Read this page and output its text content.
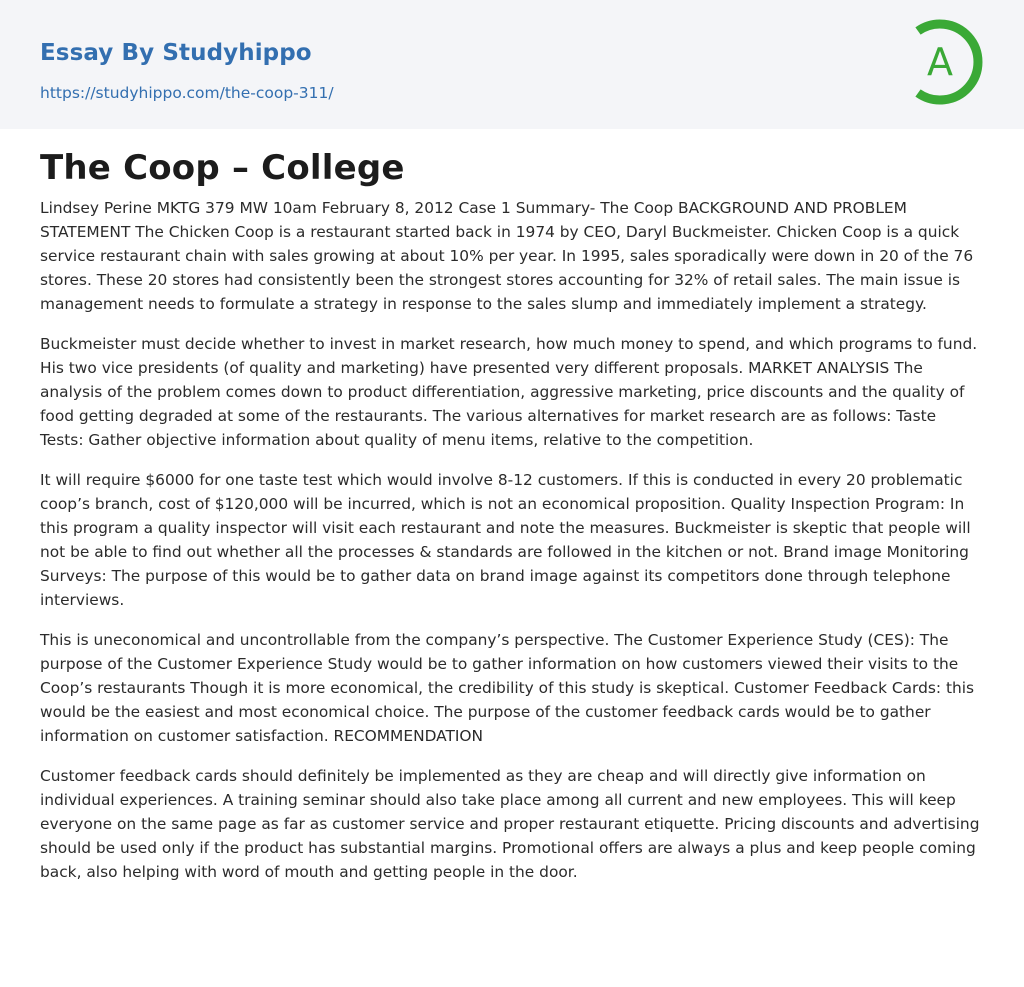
Essay By Studyhippo
https://studyhippo.com/the-coop-311/
A
The Coop – College

Lindsey Perine MKTG 379 MW 10am February 8, 2012 Case 1 Summary- The Coop BACKGROUND AND PROBLEM STATEMENT The Chicken Coop is a restaurant started back in 1974 by CEO, Daryl Buckmeister. Chicken Coop is a quick service restaurant chain with sales growing at about 10% per year. In 1995, sales sporadically were down in 20 of the 76 stores. These 20 stores had consistently been the strongest stores accounting for 32% of retail sales. The main issue is management needs to formulate a strategy in response to the sales slump and immediately implement a strategy.

Buckmeister must decide whether to invest in market research, how much money to spend, and which programs to fund. His two vice presidents (of quality and marketing) have presented very different proposals. MARKET ANALYSIS The analysis of the problem comes down to product differentiation, aggressive marketing, price discounts and the quality of food getting degraded at some of the restaurants. The various alternatives for market research are as follows: Taste Tests: Gather objective information about quality of menu items, relative to the competition.

It will require $6000 for one taste test which would involve 8-12 customers. If this is conducted in every 20 problematic coop’s branch, cost of $120,000 will be incurred, which is not an economical proposition. Quality Inspection Program: In this program a quality inspector will visit each restaurant and note the measures. Buckmeister is skeptic that people will not be able to find out whether all the processes & standards are followed in the kitchen or not. Brand image Monitoring Surveys: The purpose of this would be to gather data on brand image against its competitors done through telephone interviews.

This is uneconomical and uncontrollable from the company’s perspective. The Customer Experience Study (CES): The purpose of the Customer Experience Study would be to gather information on how customers viewed their visits to the Coop’s restaurants Though it is more economical, the credibility of this study is skeptical. Customer Feedback Cards: this would be the easiest and most economical choice. The purpose of the customer feedback cards would be to gather information on customer satisfaction. RECOMMENDATION

Customer feedback cards should definitely be implemented as they are cheap and will directly give information on individual experiences. A training seminar should also take place among all current and new employees. This will keep everyone on the same page as far as customer service and proper restaurant etiquette. Pricing discounts and advertising should be used only if the product has substantial margins. Promotional offers are always a plus and keep people coming back, also helping with word of mouth and getting people in the door.
